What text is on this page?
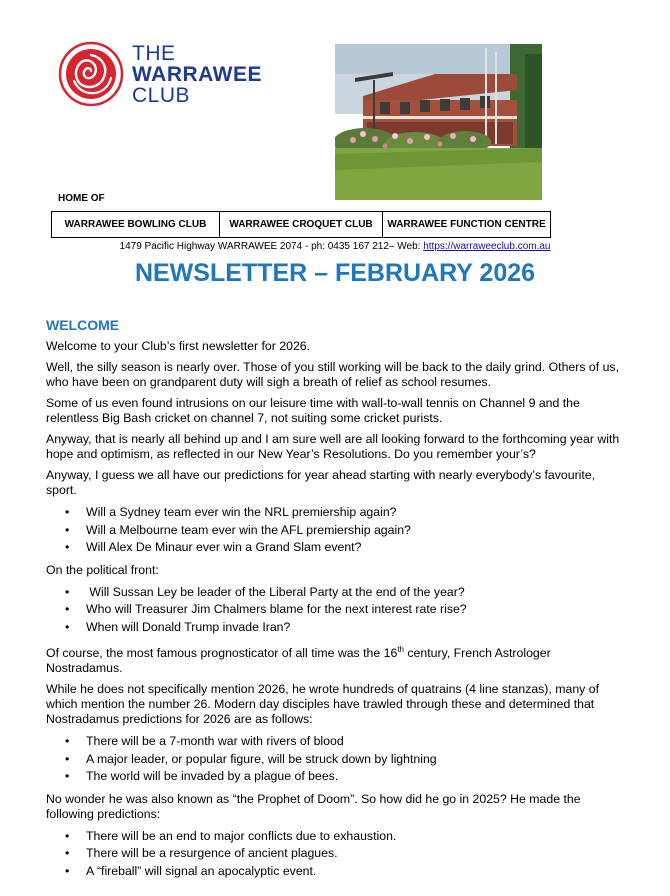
THE
WARRAWEE
CLUB
HOME OF
WARRAWEE BOWLING CLUB	WARRAWEE CROQUET CLUB	WARRAWEE FUNCTION CENTRE
1479 Pacific Highway WARRAWEE 2074 - ph: 0435 167 212– Web: https://warraweeclub.com.au
NEWSLETTER – FEBRUARY 2026
WELCOME

Welcome to your Club’s first newsletter for 2026.

Well, the silly season is nearly over. Those of you still working will be back to the daily grind. Others of us, who have been on grandparent duty will sigh a breath of relief as school resumes.

Some of us even found intrusions on our leisure time with wall-to-wall tennis on Channel 9 and the relentless Big Bash cricket on channel 7, not suiting some cricket purists.

Anyway, that is nearly all behind up and I am sure well are all looking forward to the forthcoming year with hope and optimism, as reflected in our New Year’s Resolutions. Do you remember your’s?

Anyway, I guess we all have our predictions for year ahead starting with nearly everybody’s favourite, sport.

• Will a Sydney team ever win the NRL premiership again?
• Will a Melbourne team ever win the AFL premiership again?
• Will Alex De Minaur ever win a Grand Slam event?

On the political front:

•  Will Sussan Ley be leader of the Liberal Party at the end of the year?
• Who will Treasurer Jim Chalmers blame for the next interest rate rise?
• When will Donald Trump invade Iran?

Of course, the most famous prognosticator of all time was the 16th century, French Astrologer Nostradamus.

While he does not specifically mention 2026, he wrote hundreds of quatrains (4 line stanzas), many of which mention the number 26. Modern day disciples have trawled through these and determined that Nostradamus predictions for 2026 are as follows:

• There will be a 7-month war with rivers of blood
• A major leader, or popular figure, will be struck down by lightning
• The world will be invaded by a plague of bees.

No wonder he was also known as “the Prophet of Doom”. So how did he go in 2025? He made the following predictions:

• There will be an end to major conflicts due to exhaustion.
• There will be a resurgence of ancient plagues.
• A “fireball” will signal an apocalyptic event.
